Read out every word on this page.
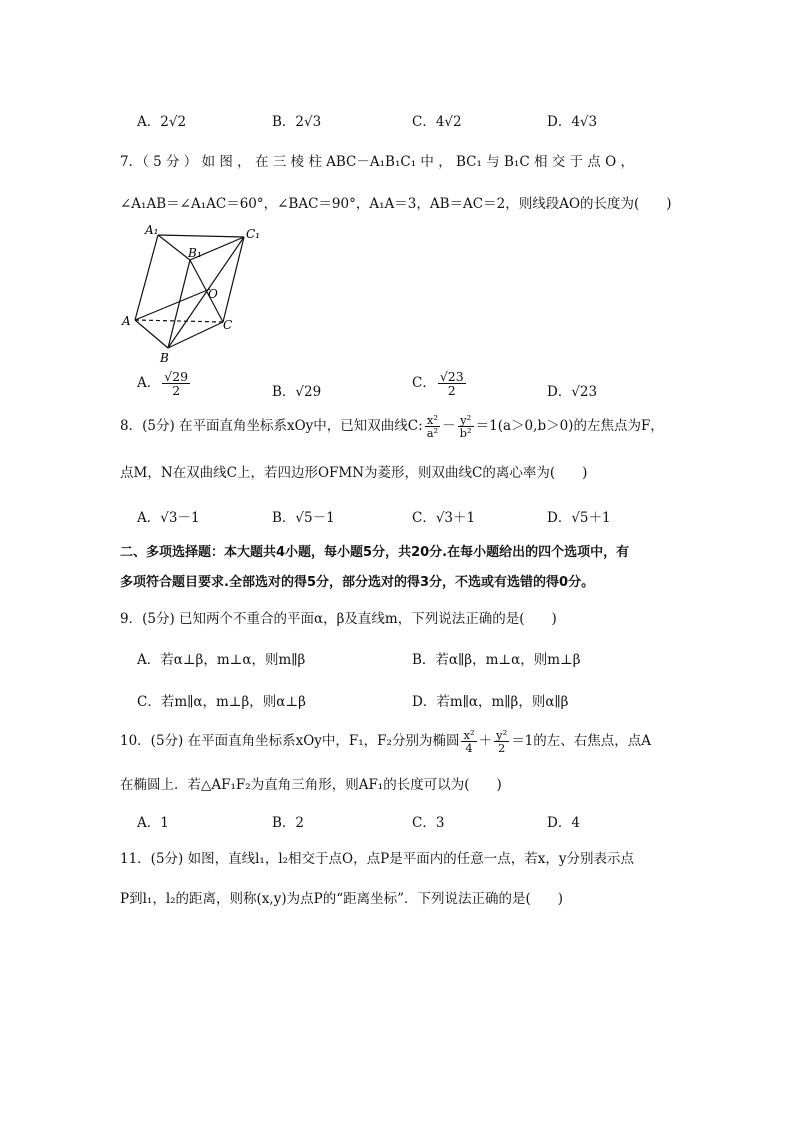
A．2√2	B．2√3	C．4√2	D．4√3
7．（ 5 分 ） 如 图 ， 在 三 棱 柱 ABC－A₁B₁C₁ 中 ， BC₁ 与 B₁C 相 交 于 点 O ，
∠A₁AB＝∠A₁AC＝60°，∠BAC＝90°，A₁A＝3，AB＝AC＝2，则线段AO的长度为(　　)
A₁
B₁
C₁
O
A	C
B
A． $\frac{√29}{2}$	B．√29
C． $\frac{√23}{2}$	D．√23
8．(5分) 在平面直角坐标系xOy中，已知双曲线C: $\frac{\text{x²}}{\text{a²}} - \frac{\text{y²}}{\text{b²}} =1(a>0,b>0)$的左焦点为F，
点M，N在双曲线C上，若四边形OFMN为菱形，则双曲线C的离心率为(　　)
A．√3－1	B．√5－1	C．√3＋1	D．√5＋1
二、多项选择题：本大题共4小题，每小题5分，共20分.在每小题给出的四个选项中，有
多项符合题目要求.全部选对的得5分，部分选对的得3分，不选或有选错的得0分。
9．(5分) 已知两个不重合的平面α，β及直线m，下列说法正确的是(　　)
A．若α⊥β，m⊥α，则m∥β	B．若α∥β，m⊥α，则m⊥β
C．若m∥α，m⊥β，则α⊥β	D．若m∥α，m∥β，则α∥β
10．(5分) 在平面直角坐标系xOy中，F₁，F₂分别为椭圆 $\frac{\text{x²}}{4} + \frac{\text{y²}}{2} =1$的左、右焦点，点A
在椭圆上．若△AF₁F₂为直角三角形，则AF₁的长度可以为(　　)
A．1	B．2	C．3	D．4
11．(5分) 如图，直线l₁，l₂相交于点O，点P是平面内的任意一点，若x，y分别表示点
P到l₁，l₂的距离，则称(x,y)为点P的“距离坐标”．下列说法正确的是(　　)
